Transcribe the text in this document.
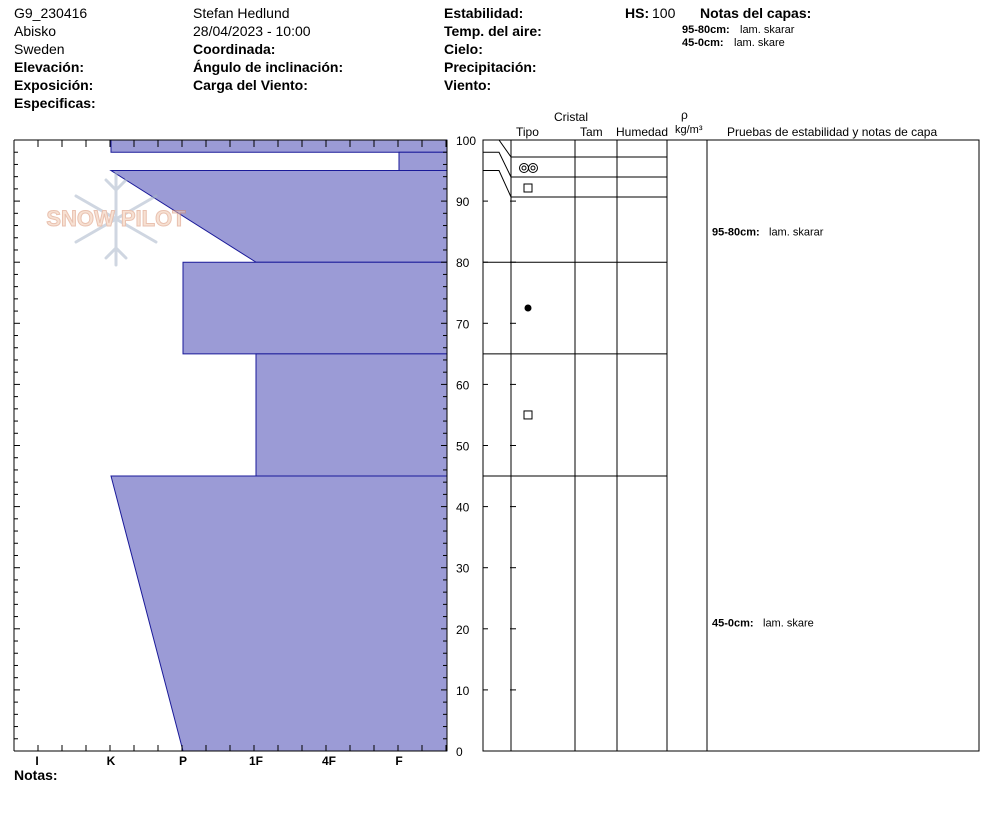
G9_230416
Abisko
Sweden
Elevación:
Exposición:
Especificas:
Stefan Hedlund
28/04/2023 - 10:00
Coordinada:
Ángulo de inclinación:
Carga del Viento:
Estabilidad:
Temp. del aire:
Cielo:
Precipitación:
Viento:
HS: 100 Notas del capas:
95-80cm: lam. skarar
45-0cm: lam. skare
Cristal
Tipo	Tam Humedad
ρ
kg/m³ Pruebas de estabilidad y notas de capa
0
10
20
30
40
50
60
70
80
90
100
I	K	P	1F	4F	F
95-80cm: lam. skarar
45-0cm: lam. skare
SNOW PILOT
Notas:
